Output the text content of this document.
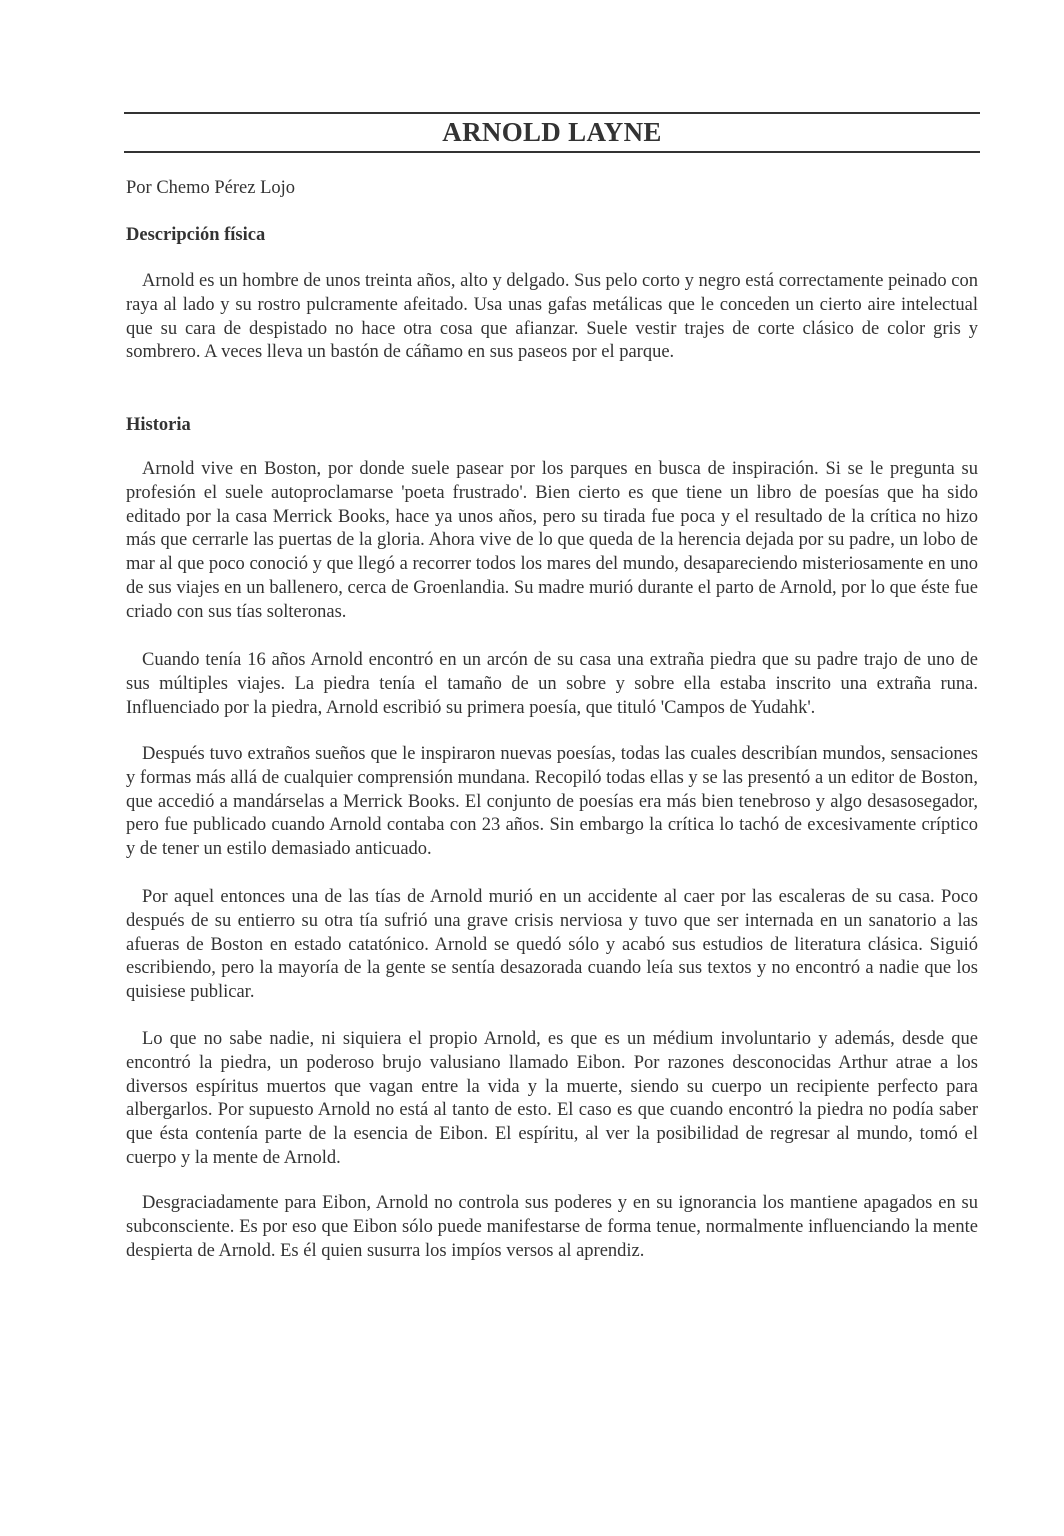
ARNOLD LAYNE

Por Chemo Pérez Lojo

Descripción física

Arnold es un hombre de unos treinta años, alto y delgado. Sus pelo corto y negro está correctamente peinado con raya al lado y su rostro pulcramente afeitado. Usa unas gafas metálicas que le conceden un cierto aire intelectual que su cara de despistado no hace otra cosa que afianzar. Suele vestir trajes de corte clásico de color gris y sombrero. A veces lleva un bastón de cáñamo en sus paseos por el parque.

Historia

Arnold vive en Boston, por donde suele pasear por los parques en busca de inspiración. Si se le pregunta su profesión el suele autoproclamarse 'poeta frustrado'. Bien cierto es que tiene un libro de poesías que ha sido editado por la casa Merrick Books, hace ya unos años, pero su tirada fue poca y el resultado de la crítica no hizo más que cerrarle las puertas de la gloria. Ahora vive de lo que queda de la herencia dejada por su padre, un lobo de mar al que poco conoció y que llegó a recorrer todos los mares del mundo, desapareciendo misteriosamente en uno de sus viajes en un ballenero, cerca de Groenlandia. Su madre murió durante el parto de Arnold, por lo que éste fue criado con sus tías solteronas.

Cuando tenía 16 años Arnold encontró en un arcón de su casa una extraña piedra que su padre trajo de uno de sus múltiples viajes. La piedra tenía el tamaño de un sobre y sobre ella estaba inscrito una extraña runa. Influenciado por la piedra, Arnold escribió su primera poesía, que tituló 'Campos de Yudahk'.

Después tuvo extraños sueños que le inspiraron nuevas poesías, todas las cuales describían mundos, sensaciones y formas más allá de cualquier comprensión mundana. Recopiló todas ellas y se las presentó a un editor de Boston, que accedió a mandárselas a Merrick Books. El conjunto de poesías era más bien tenebroso y algo desasosegador, pero fue publicado cuando Arnold contaba con 23 años. Sin embargo la crítica lo tachó de excesivamente críptico y de tener un estilo demasiado anticuado.

Por aquel entonces una de las tías de Arnold murió en un accidente al caer por las escaleras de su casa. Poco después de su entierro su otra tía sufrió una grave crisis nerviosa y tuvo que ser internada en un sanatorio a las afueras de Boston en estado catatónico. Arnold se quedó sólo y acabó sus estudios de literatura clásica. Siguió escribiendo, pero la mayoría de la gente se sentía desazorada cuando leía sus textos y no encontró a nadie que los quisiese publicar.

Lo que no sabe nadie, ni siquiera el propio Arnold, es que es un médium involuntario y además, desde que encontró la piedra, un poderoso brujo valusiano llamado Eibon. Por razones desconocidas Arthur atrae a los diversos espíritus muertos que vagan entre la vida y la muerte, siendo su cuerpo un recipiente perfecto para albergarlos. Por supuesto Arnold no está al tanto de esto. El caso es que cuando encontró la piedra no podía saber que ésta contenía parte de la esencia de Eibon. El espíritu, al ver la posibilidad de regresar al mundo, tomó el cuerpo y la mente de Arnold.

Desgraciadamente para Eibon, Arnold no controla sus poderes y en su ignorancia los mantiene apagados en su subconsciente. Es por eso que Eibon sólo puede manifestarse de forma tenue, normalmente influenciando la mente despierta de Arnold. Es él quien susurra los impíos versos al aprendiz.
